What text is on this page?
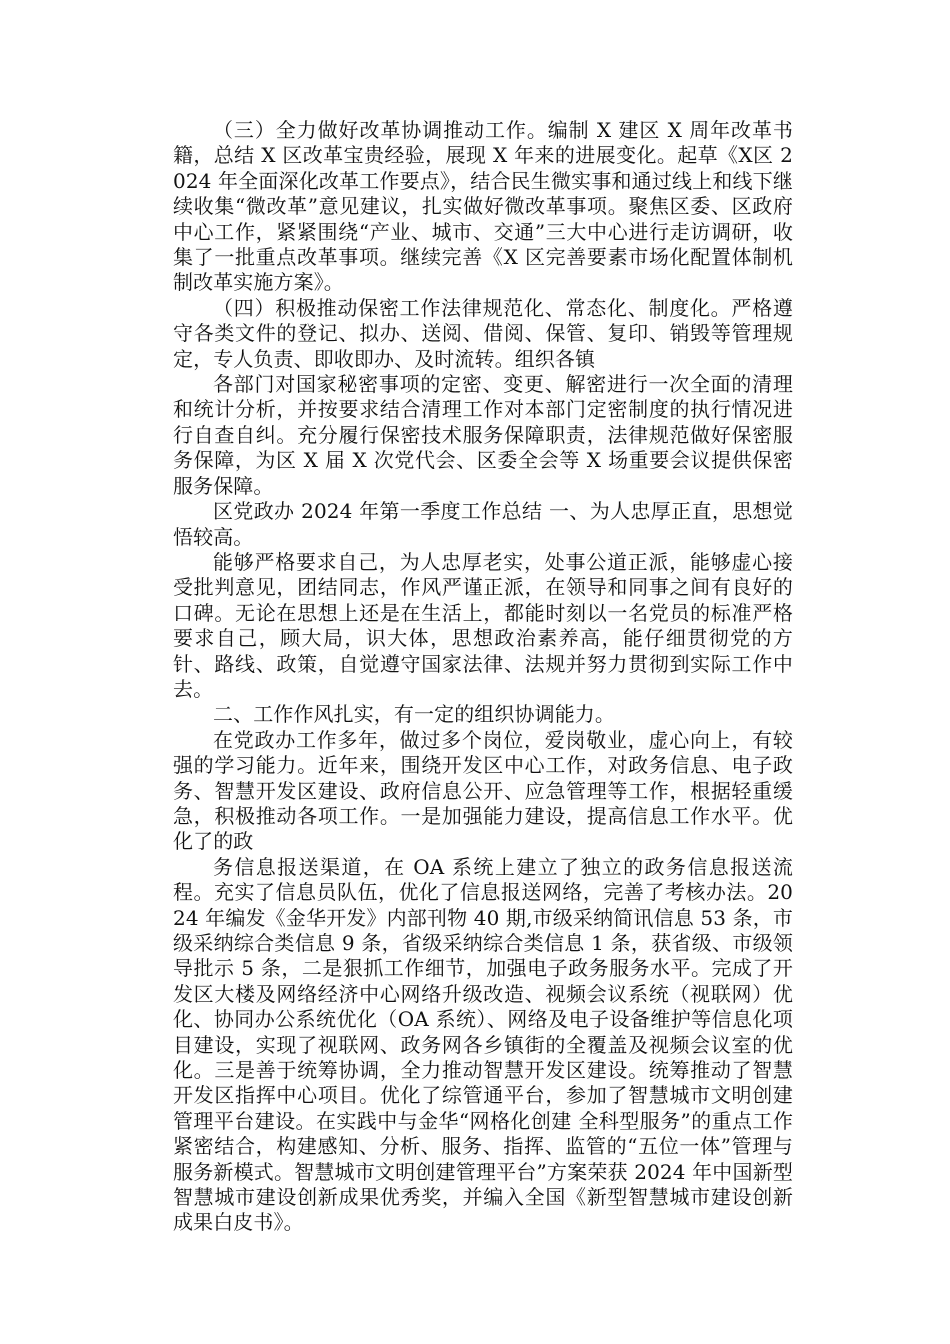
（三）全力做好改革协调推动工作。编制 X 建区 X 周年改革书籍，总结 X 区改革宝贵经验，展现 X 年来的进展变化。起草《X区 2024 年全面深化改革工作要点》，结合民生微实事和通过线上和线下继续收集“微改革”意见建议，扎实做好微改革事项。聚焦区委、区政府中心工作，紧紧围绕“产业、城市、交通”三大中心进行走访调研，收集了一批重点改革事项。继续完善《X 区完善要素市场化配置体制机制改革实施方案》。

（四）积极推动保密工作法律规范化、常态化、制度化。严格遵守各类文件的登记、拟办、送阅、借阅、保管、复印、销毁等管理规定，专人负责、即收即办、及时流转。组织各镇

各部门对国家秘密事项的定密、变更、解密进行一次全面的清理和统计分析，并按要求结合清理工作对本部门定密制度的执行情况进行自查自纠。充分履行保密技术服务保障职责，法律规范做好保密服务保障，为区 X 届 X 次党代会、区委全会等 X 场重要会议提供保密服务保障。

区党政办 2024 年第一季度工作总结 一、为人忠厚正直，思想觉悟较高。

能够严格要求自己，为人忠厚老实，处事公道正派，能够虚心接受批判意见，团结同志，作风严谨正派，在领导和同事之间有良好的口碑。无论在思想上还是在生活上，都能时刻以一名党员的标准严格要求自己，顾大局，识大体，思想政治素养高，能仔细贯彻党的方针、路线、政策，自觉遵守国家法律、法规并努力贯彻到实际工作中去。

二、工作作风扎实，有一定的组织协调能力。

在党政办工作多年，做过多个岗位，爱岗敬业，虚心向上，有较强的学习能力。近年来，围绕开发区中心工作，对政务信息、电子政务、智慧开发区建设、政府信息公开、应急管理等工作，根据轻重缓急，积极推动各项工作。一是加强能力建设，提高信息工作水平。优化了的政

务信息报送渠道，在 OA 系统上建立了独立的政务信息报送流程。充实了信息员队伍，优化了信息报送网络，完善了考核办法。2024 年编发《金华开发》内部刊物 40 期,市级采纳简讯信息 53 条，市级采纳综合类信息 9 条，省级采纳综合类信息 1 条，获省级、市级领导批示 5 条，二是狠抓工作细节，加强电子政务服务水平。完成了开发区大楼及网络经济中心网络升级改造、视频会议系统（视联网）优化、协同办公系统优化（OA 系统）、网络及电子设备维护等信息化项目建设，实现了视联网、政务网各乡镇街的全覆盖及视频会议室的优化。三是善于统筹协调，全力推动智慧开发区建设。统筹推动了智慧开发区指挥中心项目。优化了综管通平台，参加了智慧城市文明创建管理平台建设。在实践中与金华“网格化创建 全科型服务”的重点工作紧密结合，构建感知、分析、服务、指挥、监管的“五位一体”管理与服务新模式。智慧城市文明创建管理平台”方案荣获 2024 年中国新型智慧城市建设创新成果优秀奖，并编入全国《新型智慧城市建设创新成果白皮书》。
